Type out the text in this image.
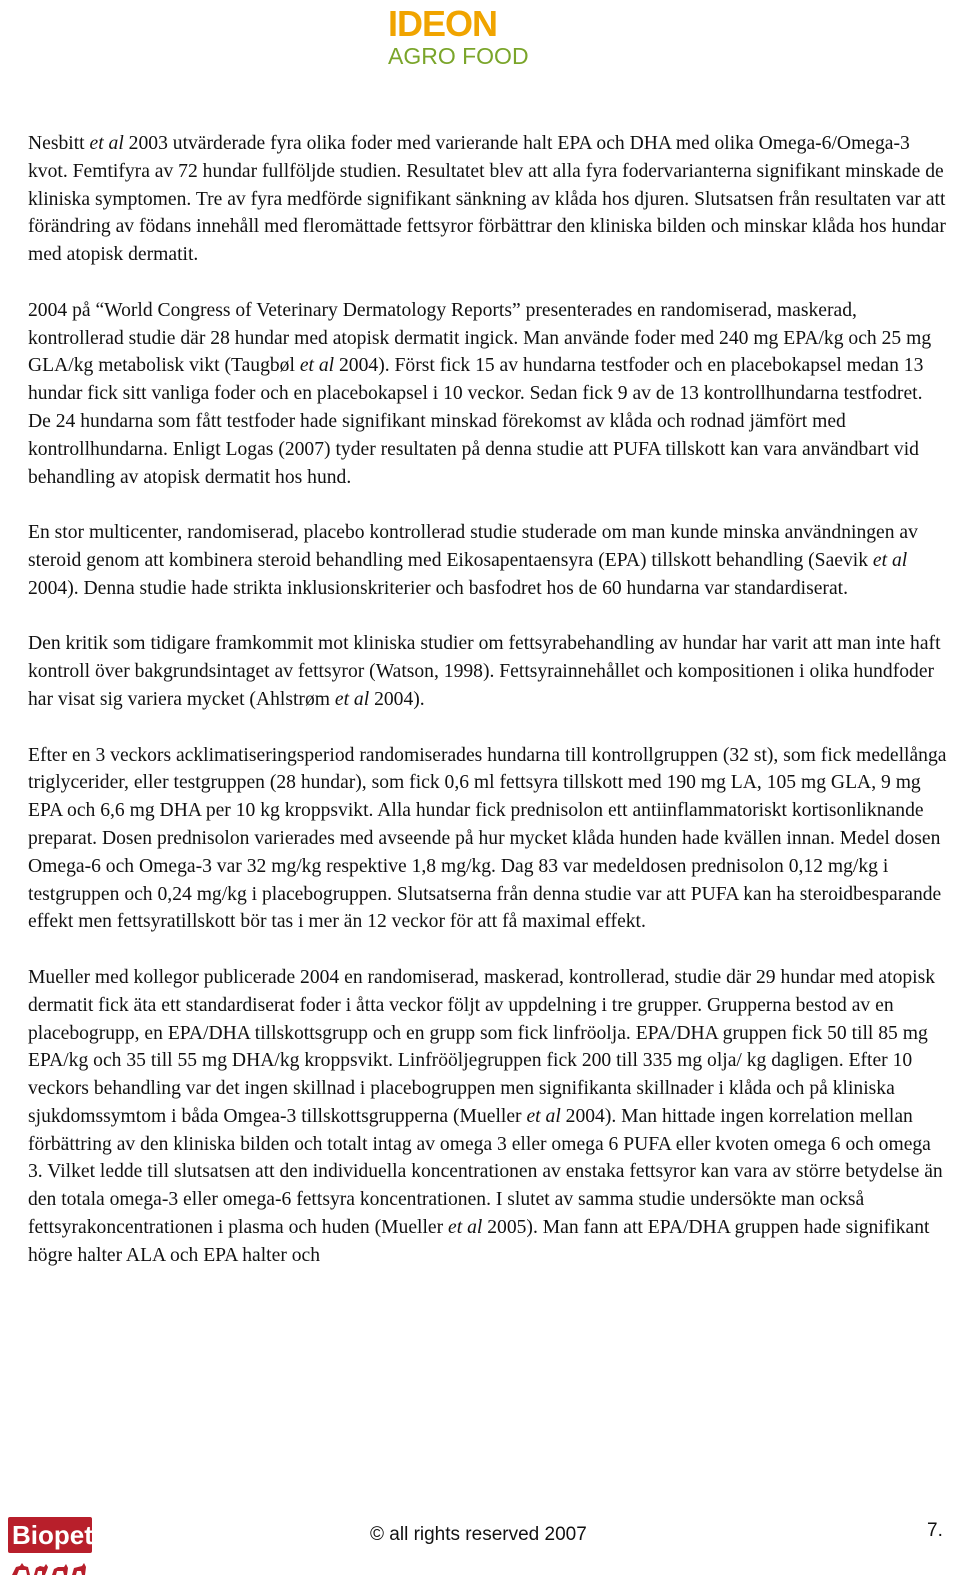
IDEON
AGRO FOOD

Nesbitt et al 2003 utvärderade fyra olika foder med varierande halt EPA och DHA med olika Omega-6/Omega-3 kvot. Femtifyra av 72 hundar fullföljde studien. Resultatet blev att alla fyra fodervarianterna signifikant minskade de kliniska symptomen. Tre av fyra medförde signifikant sänkning av klåda hos djuren. Slutsatsen från resultaten var att förändring av födans innehåll med fleromättade fettsyror förbättrar den kliniska bilden och minskar klåda hos hundar med atopisk dermatit.

2004 på “World Congress of Veterinary Dermatology Reports” presenterades en randomiserad, maskerad, kontrollerad studie där 28 hundar med atopisk dermatit ingick. Man använde foder med 240 mg EPA/kg och 25 mg GLA/kg metabolisk vikt (Taugbøl et al 2004). Först fick 15 av hundarna testfoder och en placebokapsel medan 13 hundar fick sitt vanliga foder och en placebokapsel i 10 veckor. Sedan fick 9 av de 13 kontrollhundarna testfodret. De 24 hundarna som fått testfoder hade signifikant minskad förekomst av klåda och rodnad jämfört med kontrollhundarna. Enligt Logas (2007) tyder resultaten på denna studie att PUFA tillskott kan vara användbart vid behandling av atopisk dermatit hos hund.

En stor multicenter, randomiserad, placebo kontrollerad studie studerade om man kunde minska användningen av steroid genom att kombinera steroid behandling med Eikosapentaensyra (EPA) tillskott behandling (Saevik et al 2004). Denna studie hade strikta inklusionskriterier och basfodret hos de 60 hundarna var standardiserat.

Den kritik som tidigare framkommit mot kliniska studier om fettsyrabehandling av hundar har varit att man inte haft kontroll över bakgrundsintaget av fettsyror (Watson, 1998). Fettsyrainnehållet och kompositionen i olika hundfoder har visat sig variera mycket (Ahlstrøm et al 2004).

Efter en 3 veckors acklimatiseringsperiod randomiserades hundarna till kontrollgruppen (32 st), som fick medellånga triglycerider, eller testgruppen (28 hundar), som fick 0,6 ml fettsyra tillskott med 190 mg LA, 105 mg GLA, 9 mg EPA och 6,6 mg DHA per 10 kg kroppsvikt. Alla hundar fick prednisolon ett antiinflammatoriskt kortisonliknande preparat. Dosen prednisolon varierades med avseende på hur mycket klåda hunden hade kvällen innan. Medel dosen Omega-6 och Omega-3 var 32 mg/kg respektive 1,8 mg/kg. Dag 83 var medeldosen prednisolon 0,12 mg/kg i testgruppen och 0,24 mg/kg i placebogruppen. Slutsatserna från denna studie var att PUFA kan ha steroidbesparande effekt men fettsyratillskott bör tas i mer än 12 veckor för att få maximal effekt.

Mueller med kollegor publicerade 2004 en randomiserad, maskerad, kontrollerad, studie där 29 hundar med atopisk dermatit fick äta ett standardiserat foder i åtta veckor följt av uppdelning i tre grupper. Grupperna bestod av en placebogrupp, en EPA/DHA tillskottsgrupp och en grupp som fick linfröolja. EPA/DHA gruppen fick 50 till 85 mg EPA/kg och 35 till 55 mg DHA/kg kroppsvikt. Linfrööljegruppen fick 200 till 335 mg olja/ kg dagligen. Efter 10 veckors behandling var det ingen skillnad i placebogruppen men signifikanta skillnader i klåda och på kliniska sjukdomssymtom i båda Omgea-3 tillskottsgrupperna (Mueller et al 2004). Man hittade ingen korrelation mellan förbättring av den kliniska bilden och totalt intag av omega 3 eller omega 6 PUFA eller kvoten omega 6 och omega 3. Vilket ledde till slutsatsen att den individuella koncentrationen av enstaka fettsyror kan vara av större betydelse än den totala omega-3 eller omega-6 fettsyra koncentrationen. I slutet av samma studie undersökte man också fettsyrakoncentrationen i plasma och huden (Mueller et al 2005). Man fann att EPA/DHA gruppen hade signifikant högre halter ALA och EPA halter och

Biopet	© all rights reserved 2007	7.
